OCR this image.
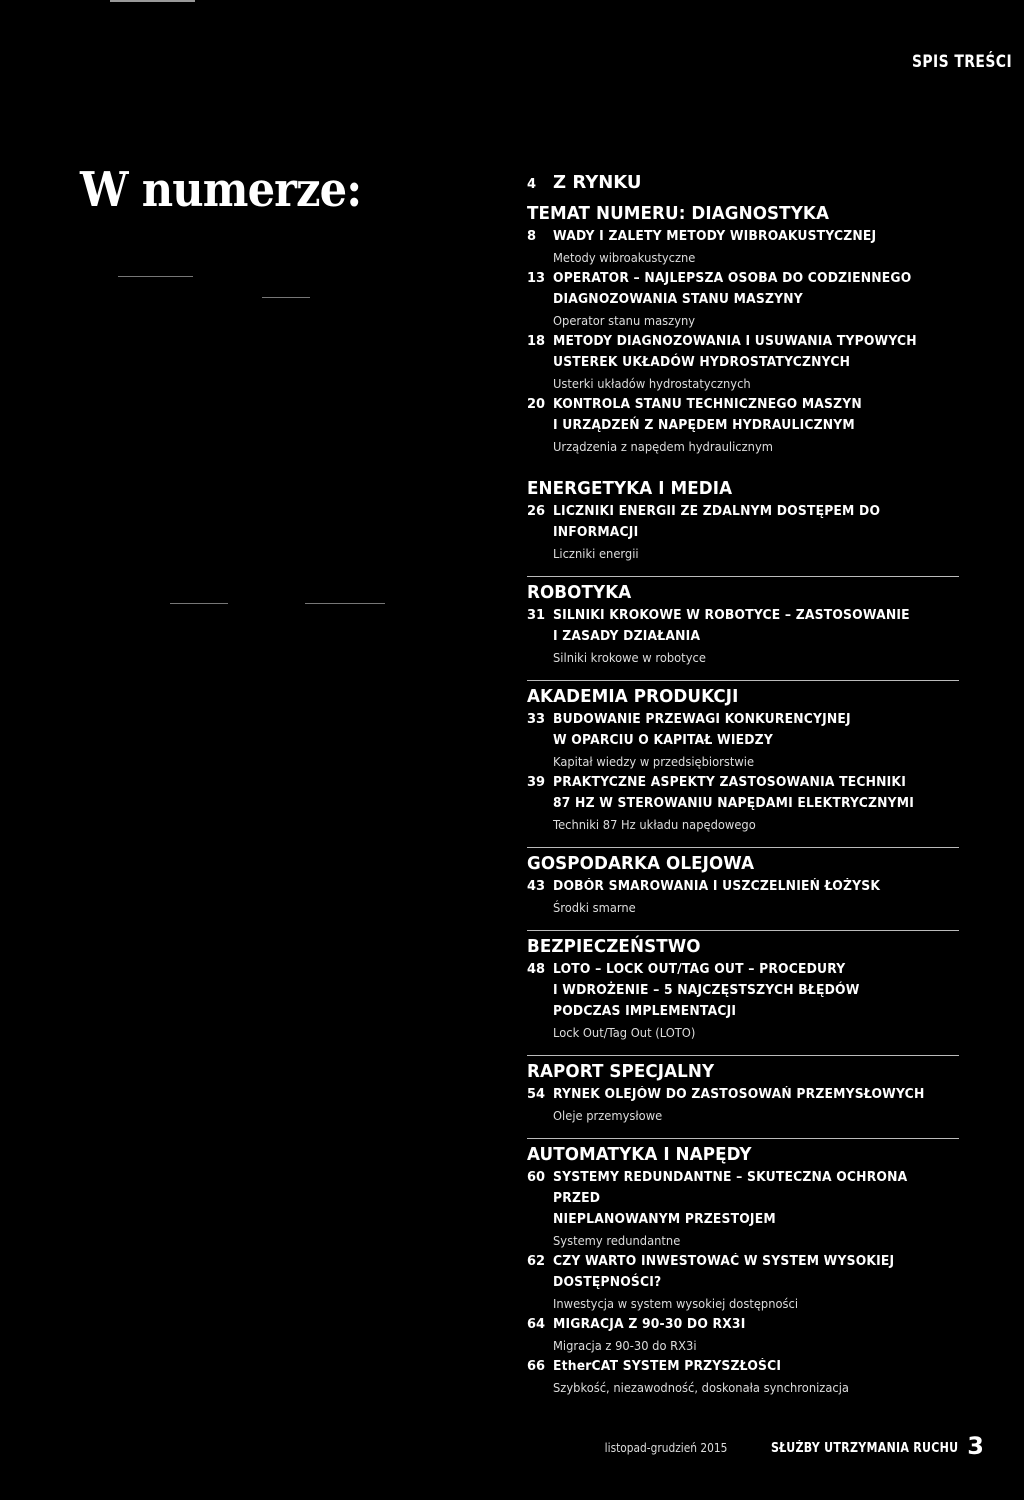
SPIS TREŚCI
W numerze:	4 Z RYNKU
TEMAT NUMERU: DIAGNOSTYKA
8	WADY I ZALETY METODY WIBROAKUSTYCZNEJ
Metody wibroakustyczne
13 OPERATOR – NAJLEPSZA OSOBA DO CODZIENNEGO
DIAGNOZOWANIA STANU MASZYNY
Operator stanu maszyny
18 METODY DIAGNOZOWANIA I USUWANIA TYPOWYCH
USTEREK UKŁADÓW HYDROSTATYCZNYCH
Usterki układów hydrostatycznych
20 KONTROLA STANU TECHNICZNEGO MASZYN
I URZĄDZEŃ Z NAPĘDEM HYDRAULICZNYM
Urządzenia z napędem hydraulicznym
ENERGETYKA I MEDIA
26 LICZNIKI ENERGII ZE ZDALNYM DOSTĘPEM DO
INFORMACJI
Liczniki energii
ROBOTYKA
31 SILNIKI KROKOWE W ROBOTYCE – ZASTOSOWANIE
I ZASADY DZIAŁANIA
Silniki krokowe w robotyce
AKADEMIA PRODUKCJI
33 BUDOWANIE PRZEWAGI KONKURENCYJNEJ
W OPARCIU O KAPITAŁ WIEDZY
Kapitał wiedzy w przedsiębiorstwie
39 PRAKTYCZNE ASPEKTY ZASTOSOWANIA TECHNIKI
87 HZ W STEROWANIU NAPĘDAMI ELEKTRYCZNYMI
Techniki 87 Hz układu napędowego
GOSPODARKA OLEJOWA
43 DOBÓR SMAROWANIA I USZCZELNIEŃ ŁOŻYSK
Środki smarne
BEZPIECZEŃSTWO
48 LOTO – LOCK OUT/TAG OUT – PROCEDURY
I WDROŻENIE – 5 NAJCZĘSTSZYCH BŁĘDÓW
PODCZAS IMPLEMENTACJI
Lock Out/Tag Out (LOTO)
RAPORT SPECJALNY
54 RYNEK OLEJÓW DO ZASTOSOWAŃ PRZEMYSŁOWYCH
Oleje przemysłowe
AUTOMATYKA I NAPĘDY
60 SYSTEMY REDUNDANTNE – SKUTECZNA OCHRONA PRZED
NIEPLANOWANYM PRZESTOJEM
Systemy redundantne
62 CZY WARTO INWESTOWAĆ W SYSTEM WYSOKIEJ
DOSTĘPNOŚCI?
Inwestycja w system wysokiej dostępności
64 MIGRACJA Z 90-30 DO RX3I
Migracja z 90-30 do RX3i
66 EtherCAT SYSTEM PRZYSZŁOŚCI
Szybkość, niezawodność, doskonała synchronizacja
listopad-grudzień 2015	SŁUŻBY UTRZYMANIA RUCHU 3
